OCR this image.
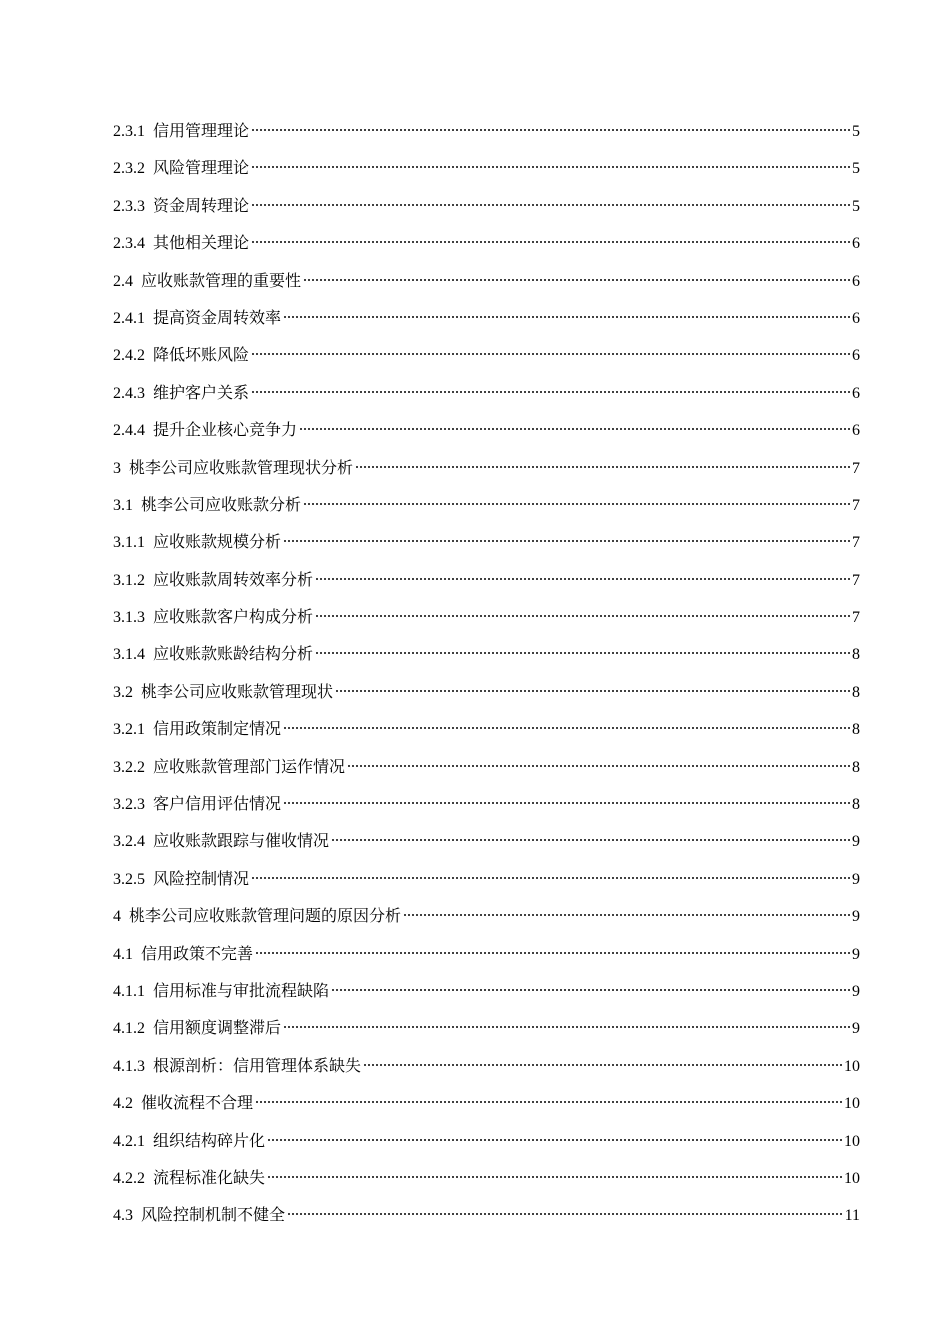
2.3.1 信用管理理论	5
2.3.2 风险管理理论	5
2.3.3 资金周转理论	5
2.3.4 其他相关理论	6
2.4 应收账款管理的重要性	6
2.4.1 提高资金周转效率	6
2.4.2 降低坏账风险	6
2.4.3 维护客户关系	6
2.4.4 提升企业核心竞争力	6
3 桃李公司应收账款管理现状分析	7
3.1 桃李公司应收账款分析	7
3.1.1 应收账款规模分析	7
3.1.2 应收账款周转效率分析	7
3.1.3 应收账款客户构成分析	7
3.1.4 应收账款账龄结构分析	8
3.2 桃李公司应收账款管理现状	8
3.2.1 信用政策制定情况	8
3.2.2 应收账款管理部门运作情况	8
3.2.3 客户信用评估情况	8
3.2.4 应收账款跟踪与催收情况	9
3.2.5 风险控制情况	9
4 桃李公司应收账款管理问题的原因分析	9
4.1 信用政策不完善	9
4.1.1 信用标准与审批流程缺陷	9
4.1.2 信用额度调整滞后	9
4.1.3 根源剖析：信用管理体系缺失	10
4.2 催收流程不合理	10
4.2.1 组织结构碎片化	10
4.2.2 流程标准化缺失	10
4.3 风险控制机制不健全	11
